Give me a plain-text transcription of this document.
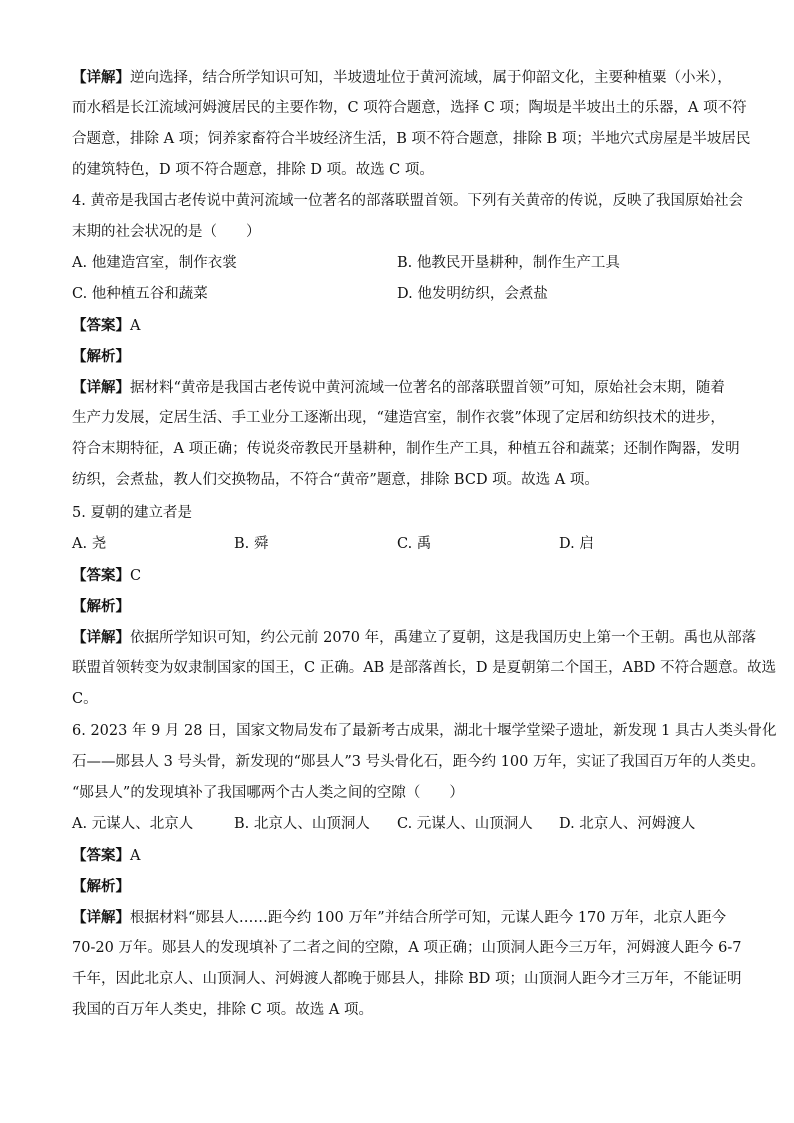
【详解】逆向选择，结合所学知识可知，半坡遗址位于黄河流域，属于仰韶文化，主要种植粟（小米），
而水稻是长江流域河姆渡居民的主要作物，C 项符合题意，选择 C 项；陶埙是半坡出土的乐器，A 项不符
合题意，排除 A 项；饲养家畜符合半坡经济生活，B 项不符合题意，排除 B 项；半地穴式房屋是半坡居民
的建筑特色，D 项不符合题意，排除 D 项。故选 C 项。
4. 黄帝是我国古老传说中黄河流域一位著名的部落联盟首领。下列有关黄帝的传说，反映了我国原始社会
末期的社会状况的是（　　）
A. 他建造宫室，制作衣裳	B. 他教民开垦耕种，制作生产工具
C. 他种植五谷和蔬菜	D. 他发明纺织，会煮盐
【答案】A
【解析】
【详解】据材料“黄帝是我国古老传说中黄河流域一位著名的部落联盟首领”可知，原始社会末期，随着
生产力发展，定居生活、手工业分工逐渐出现，“建造宫室，制作衣裳”体现了定居和纺织技术的进步，
符合末期特征，A 项正确；传说炎帝教民开垦耕种，制作生产工具，种植五谷和蔬菜；还制作陶器，发明
纺织，会煮盐，教人们交换物品，不符合“黄帝”题意，排除 BCD 项。故选 A 项。
5. 夏朝的建立者是
A. 尧	B. 舜	C. 禹	D. 启
【答案】C
【解析】
【详解】依据所学知识可知，约公元前 2070 年，禹建立了夏朝，这是我国历史上第一个王朝。禹也从部落
联盟首领转变为奴隶制国家的国王，C 正确。AB 是部落酋长，D 是夏朝第二个国王，ABD 不符合题意。故选
C。
6. 2023 年 9 月 28 日，国家文物局发布了最新考古成果，湖北十堰学堂梁子遗址，新发现 1 具古人类头骨化
石——郧县人 3 号头骨，新发现的“郧县人”3 号头骨化石，距今约 100 万年，实证了我国百万年的人类史。
“郧县人”的发现填补了我国哪两个古人类之间的空隙（　　）
A. 元谋人、北京人	B. 北京人、山顶洞人 C. 元谋人、山顶洞人 D. 北京人、河姆渡人
【答案】A
【解析】
【详解】根据材料“郧县人……距今约 100 万年”并结合所学可知，元谋人距今 170 万年，北京人距今
70-20 万年。郧县人的发现填补了二者之间的空隙，A 项正确；山顶洞人距今三万年，河姆渡人距今 6-7
千年，因此北京人、山顶洞人、河姆渡人都晚于郧县人，排除 BD 项；山顶洞人距今才三万年，不能证明
我国的百万年人类史，排除 C 项。故选 A 项。
